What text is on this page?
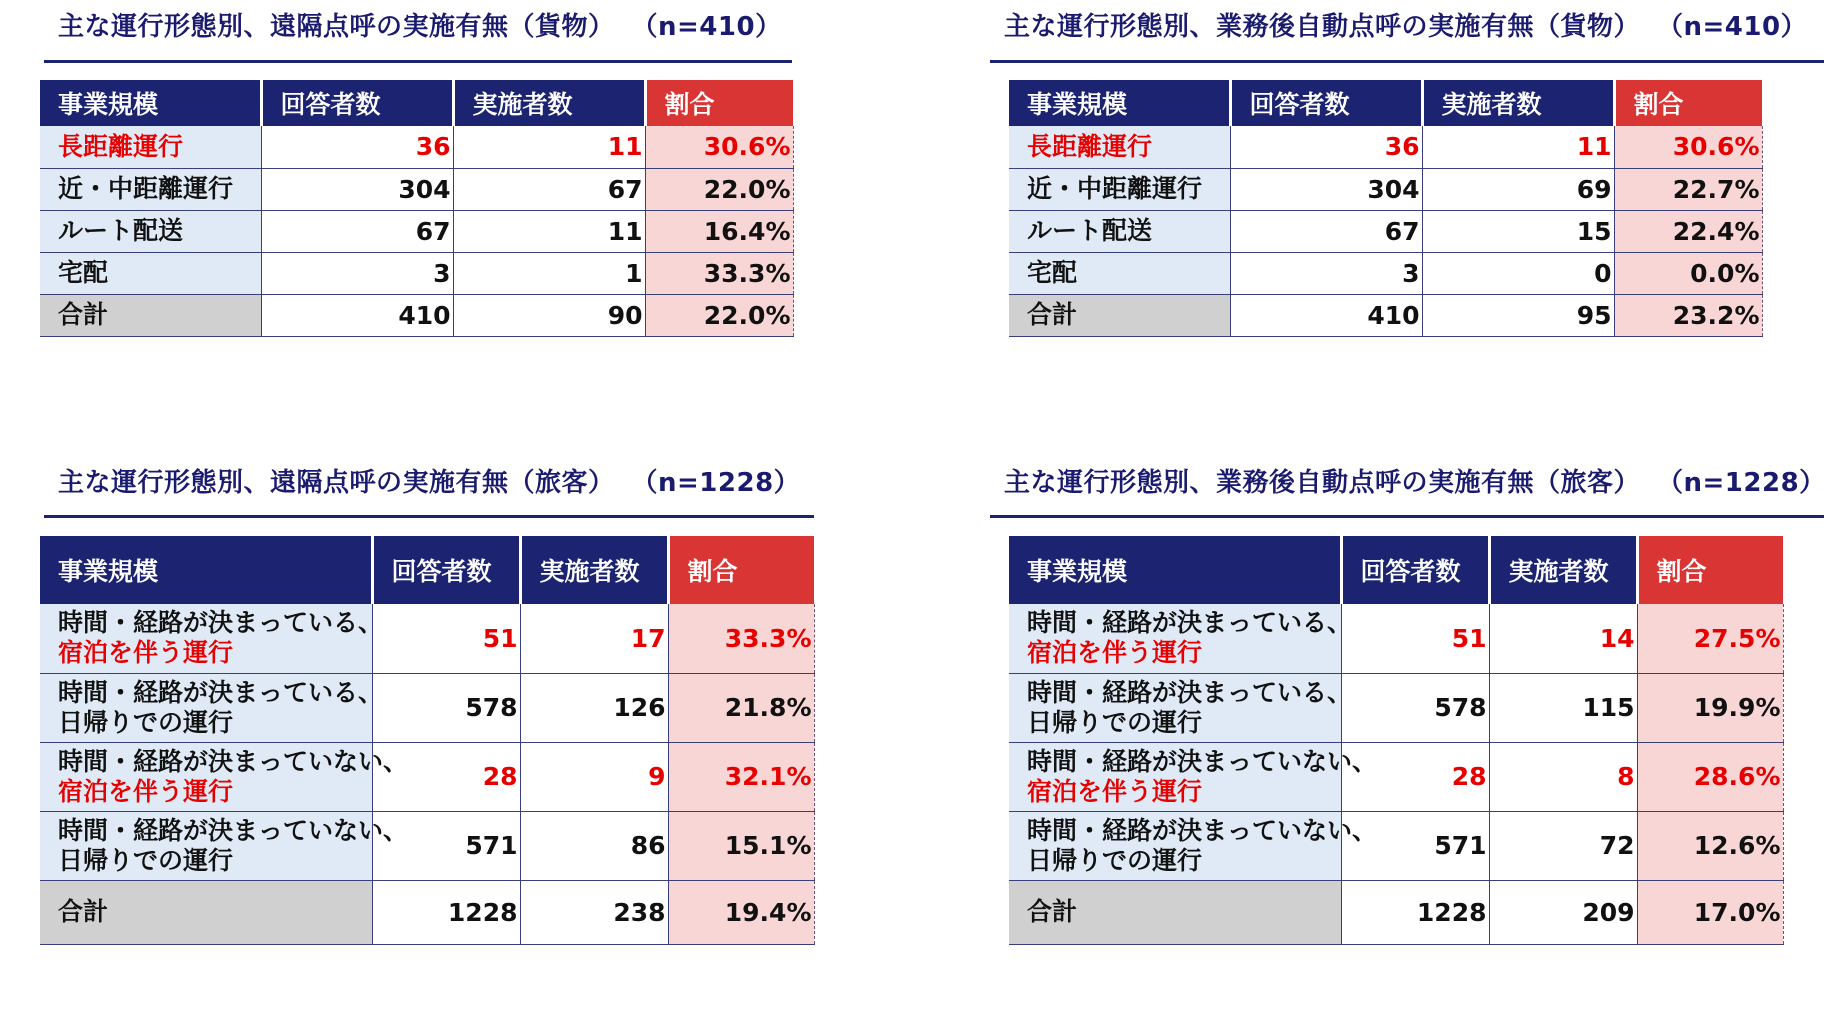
主な運行形態別、遠隔点呼の実施有無（貨物） （n=410）
事業規模	回答者数	実施者数	割合

長距離運行	36	11	30.6%

近・中距離運行	304	67	22.0%

ルート配送	67	11	16.4%

宅配	3	1	33.3%

合計	410	90	22.0%
主な運行形態別、業務後自動点呼の実施有無（貨物） （n=410）
事業規模	回答者数	実施者数	割合

長距離運行	36	11	30.6%

近・中距離運行	304	69	22.7%

ルート配送	67	15	22.4%

宅配	3	0	0.0%

合計	410	95	23.2%
主な運行形態別、遠隔点呼の実施有無（旅客） （n=1228）
事業規模	回答者数	実施者数	割合

時間・経路が決まっている、
宿泊を伴う運行	51	17	33.3%

時間・経路が決まっている、
日帰りでの運行	578	126	21.8%

時間・経路が決まっていない、
宿泊を伴う運行	28	9	32.1%

時間・経路が決まっていない、
日帰りでの運行	571	86	15.1%

合計	1228	238	19.4%
主な運行形態別、業務後自動点呼の実施有無（旅客） （n=1228）
事業規模	回答者数	実施者数	割合

時間・経路が決まっている、
宿泊を伴う運行	51	14	27.5%

時間・経路が決まっている、
日帰りでの運行	578	115	19.9%

時間・経路が決まっていない、
宿泊を伴う運行	28	8	28.6%

時間・経路が決まっていない、
日帰りでの運行	571	72	12.6%

合計	1228	209	17.0%
